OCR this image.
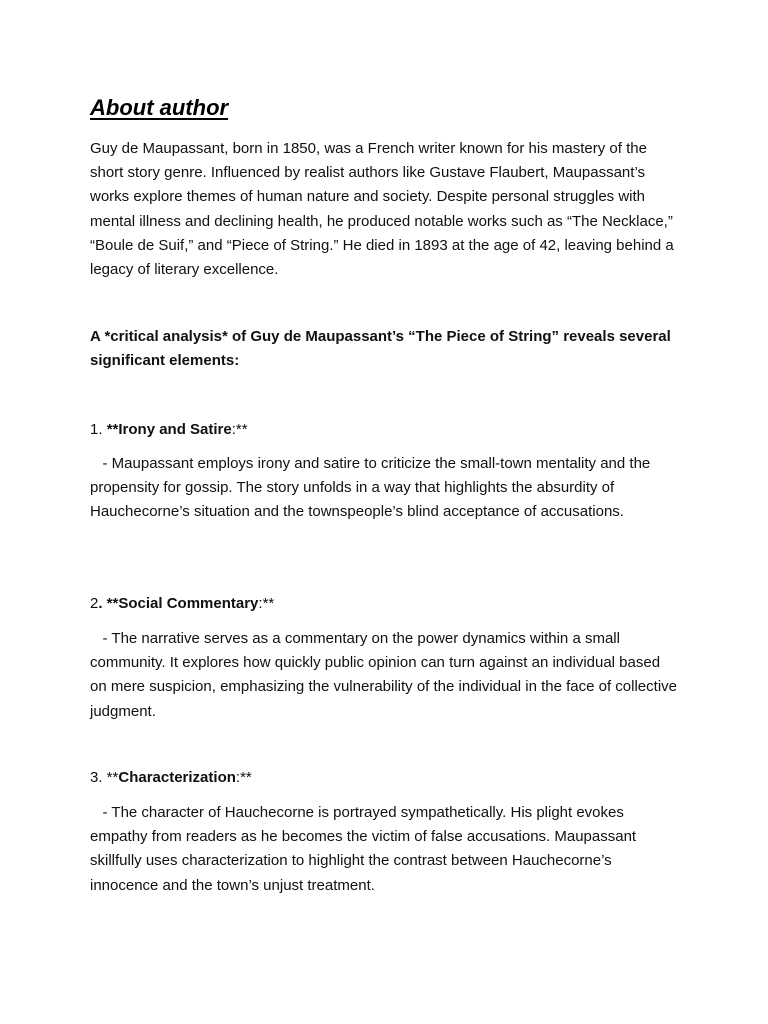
About author

Guy de Maupassant, born in 1850, was a French writer known for his mastery of the short story genre. Influenced by realist authors like Gustave Flaubert, Maupassant’s works explore themes of human nature and society. Despite personal struggles with mental illness and declining health, he produced notable works such as “The Necklace,” “Boule de Suif,” and “Piece of String.” He died in 1893 at the age of 42, leaving behind a legacy of literary excellence.

A *critical analysis* of Guy de Maupassant’s “The Piece of String” reveals several significant elements:

1. **Irony and Satire:**

- Maupassant employs irony and satire to criticize the small-town mentality and the propensity for gossip. The story unfolds in a way that highlights the absurdity of Hauchecorne’s situation and the townspeople’s blind acceptance of accusations.

2. **Social Commentary:**

- The narrative serves as a commentary on the power dynamics within a small community. It explores how quickly public opinion can turn against an individual based on mere suspicion, emphasizing the vulnerability of the individual in the face of collective judgment.

3. **Characterization:**

- The character of Hauchecorne is portrayed sympathetically. His plight evokes empathy from readers as he becomes the victim of false accusations. Maupassant skillfully uses characterization to highlight the contrast between Hauchecorne’s innocence and the town’s unjust treatment.
